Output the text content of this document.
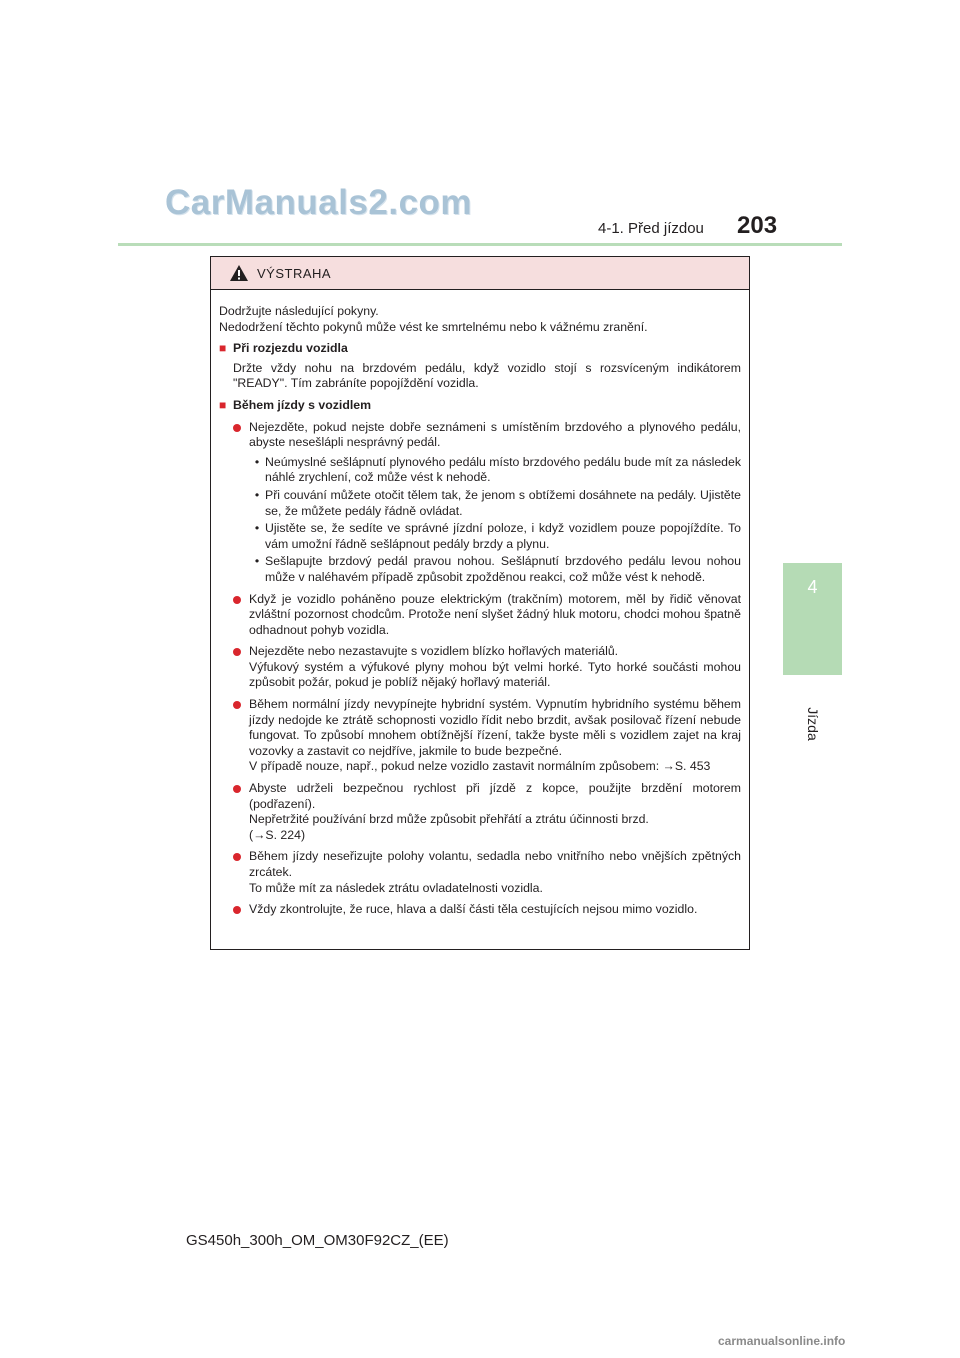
CarManuals2.com
4-1. Před jízdou 203
4
Jízda
VÝSTRAHA

Dodržujte následující pokyny.

Nedodržení těchto pokynů může vést ke smrtelnému nebo k vážnému zranění.

■ Při rozjezdu vozidla

Držte vždy nohu na brzdovém pedálu, když vozidlo stojí s rozsvíceným indikátorem "READY". Tím zabráníte popojíždění vozidla.

■ Během jízdy s vozidlem
Nejezděte, pokud nejste dobře seznámeni s umístěním brzdového a plynového pedálu, abyste nesešlápli nesprávný pedál.
• Neúmyslné sešlápnutí plynového pedálu místo brzdového pedálu bude mít za následek náhlé zrychlení, což může vést k nehodě.
• Při couvání můžete otočit tělem tak, že jenom s obtížemi dosáhnete na pedály. Ujistěte se, že můžete pedály řádně ovládat.
• Ujistěte se, že sedíte ve správné jízdní poloze, i když vozidlem pouze popojíždíte. To vám umožní řádně sešlápnout pedály brzdy a plynu.
• Sešlapujte brzdový pedál pravou nohou. Sešlápnutí brzdového pedálu levou nohou může v naléhavém případě způsobit zpožděnou reakci, což může vést k nehodě.
Když je vozidlo poháněno pouze elektrickým (trakčním) motorem, měl by řidič věnovat zvláštní pozornost chodcům. Protože není slyšet žádný hluk motoru, chodci mohou špatně odhadnout pohyb vozidla.
Nejezděte nebo nezastavujte s vozidlem blízko hořlavých materiálů.
Výfukový systém a výfukové plyny mohou být velmi horké. Tyto horké součásti mohou způsobit požár, pokud je poblíž nějaký hořlavý materiál.
Během normální jízdy nevypínejte hybridní systém. Vypnutím hybridního systému během jízdy nedojde ke ztrátě schopnosti vozidlo řídit nebo brzdit, avšak posilovač řízení nebude fungovat. To způsobí mnohem obtížnější řízení, takže byste měli s vozidlem zajet na kraj vozovky a zastavit co nejdříve, jakmile to bude bezpečné.
V případě nouze, např., pokud nelze vozidlo zastavit normálním způsobem: →S. 453
Abyste udrželi bezpečnou rychlost při jízdě z kopce, použijte brzdění motorem (podřazení).
Nepřetržité používání brzd může způsobit přehřátí a ztrátu účinnosti brzd.
(→S. 224)
Během jízdy neseřizujte polohy volantu, sedadla nebo vnitřního nebo vnějších zpětných zrcátek.
To může mít za následek ztrátu ovladatelnosti vozidla.
Vždy zkontrolujte, že ruce, hlava a další části těla cestujících nejsou mimo vozidlo.
GS450h_300h_OM_OM30F92CZ_(EE)
carmanualsonline.info
